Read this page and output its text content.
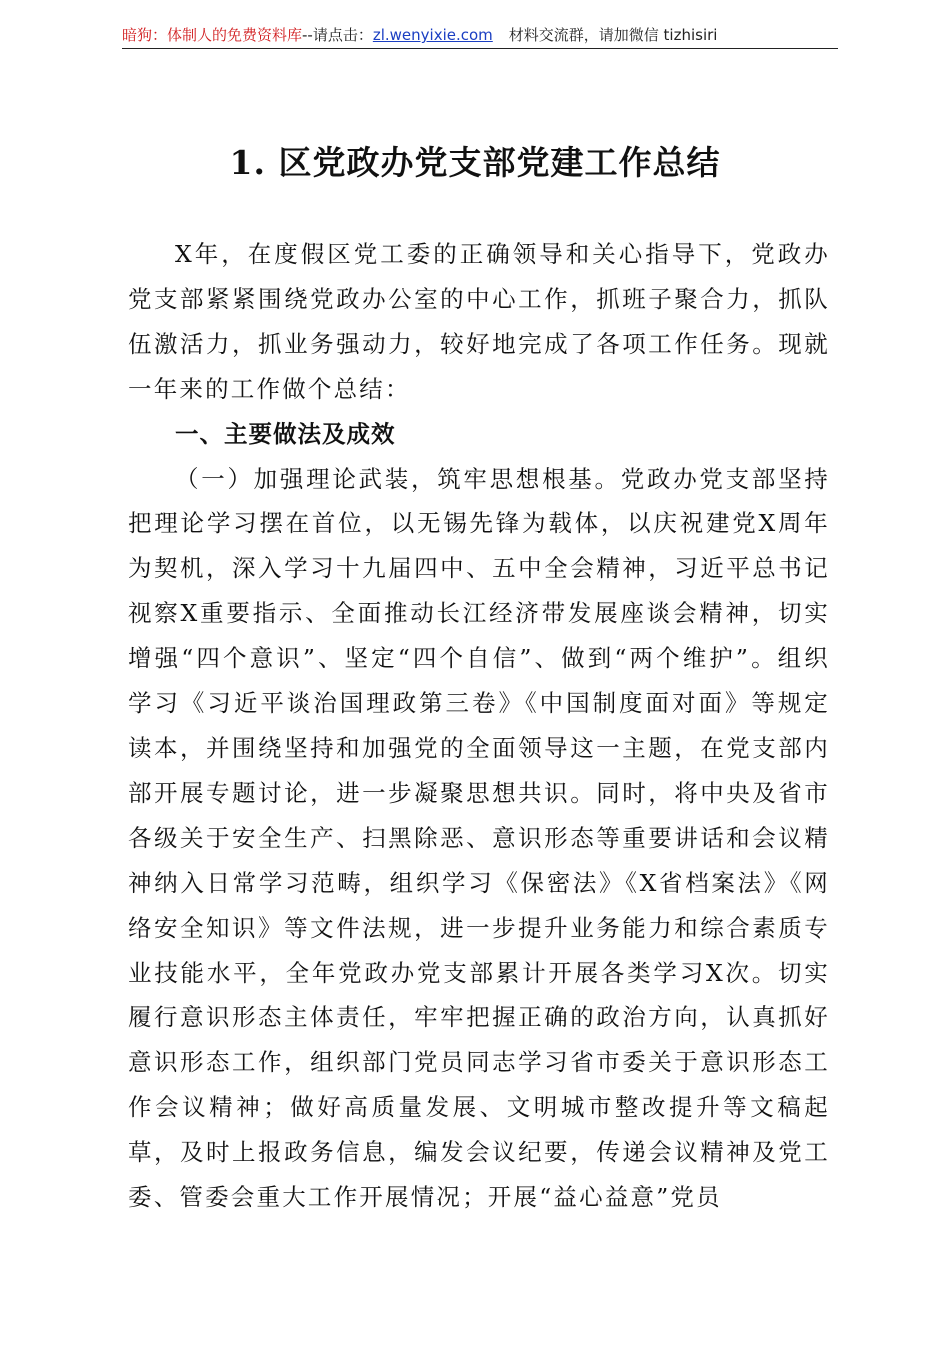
暗狗：体制人的免费资料库--请点击：zl.wenyixie.com 材料交流群，请加微信 tizhisiri
1. 区党政办党支部党建工作总结

X年，在度假区党工委的正确领导和关心指导下，党政办党支部紧紧围绕党政办公室的中心工作，抓班子聚合力，抓队伍激活力，抓业务强动力，较好地完成了各项工作任务。现就一年来的工作做个总结：

一、主要做法及成效

（一）加强理论武装，筑牢思想根基。党政办党支部坚持把理论学习摆在首位，以无锡先锋为载体，以庆祝建党X周年为契机，深入学习十九届四中、五中全会精神，习近平总书记视察X重要指示、全面推动长江经济带发展座谈会精神，切实增强“四个意识”、坚定“四个自信”、做到“两个维护”。组织学习《习近平谈治国理政第三卷》《中国制度面对面》等规定读本，并围绕坚持和加强党的全面领导这一主题，在党支部内部开展专题讨论，进一步凝聚思想共识。同时，将中央及省市各级关于安全生产、扫黑除恶、意识形态等重要讲话和会议精神纳入日常学习范畴，组织学习《保密法》《X省档案法》《网络安全知识》等文件法规，进一步提升业务能力和综合素质专业技能水平，全年党政办党支部累计开展各类学习X次。切实履行意识形态主体责任，牢牢把握正确的政治方向，认真抓好意识形态工作，组织部门党员同志学习省市委关于意识形态工作会议精神；做好高质量发展、文明城市整改提升等文稿起草，及时上报政务信息，编发会议纪要，传递会议精神及党工委、管委会重大工作开展情况；开展“益心益意”党员
